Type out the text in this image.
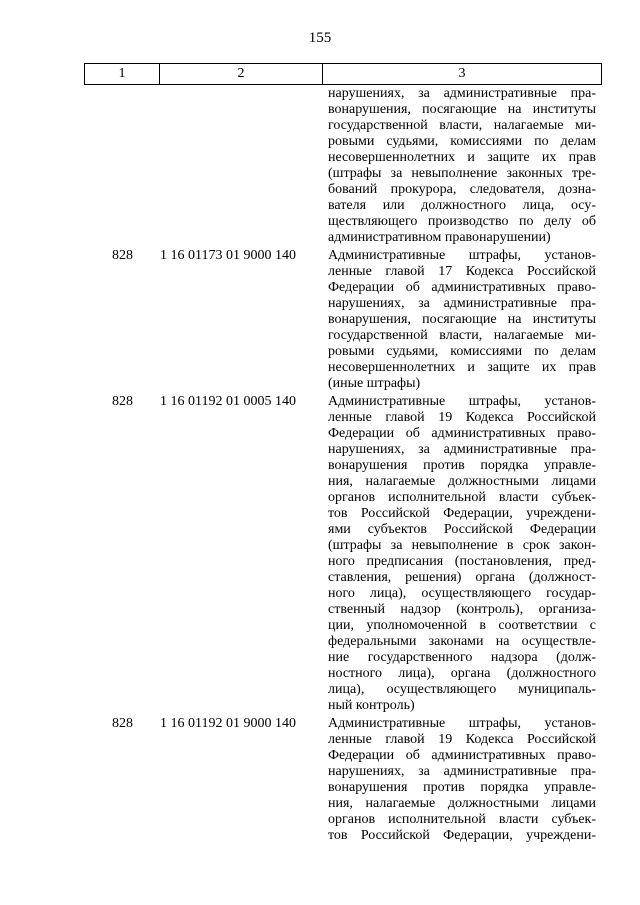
155
1	2	3
нарушениях, за административные пра-
вонарушения, посягающие на институты
государственной власти, налагаемые ми-
ровыми судьями, комиссиями по делам
несовершеннолетних и защите их прав
(штрафы за невыполнение законных тре-
бований прокурора, следователя, дозна-
вателя или должностного лица, осу-
ществляющего производство по делу об
административном правонарушении)
828	1 16 01173 01 9000 140	Административные штрафы, установ-
ленные главой 17 Кодекса Российской
Федерации об административных право-
нарушениях, за административные пра-
вонарушения, посягающие на институты
государственной власти, налагаемые ми-
ровыми судьями, комиссиями по делам
несовершеннолетних и защите их прав
(иные штрафы)
828	1 16 01192 01 0005 140	Административные штрафы, установ-
ленные главой 19 Кодекса Российской
Федерации об административных право-
нарушениях, за административные пра-
вонарушения против порядка управле-
ния, налагаемые должностными лицами
органов исполнительной власти субъек-
тов Российской Федерации, учреждени-
ями субъектов Российской Федерации
(штрафы за невыполнение в срок закон-
ного предписания (постановления, пред-
ставления, решения) органа (должност-
ного лица), осуществляющего государ-
ственный надзор (контроль), организа-
ции, уполномоченной в соответствии с
федеральными законами на осуществле-
ние государственного надзора (долж-
ностного лица), органа (должностного
лица), осуществляющего муниципаль-
ный контроль)
828	1 16 01192 01 9000 140	Административные штрафы, установ-
ленные главой 19 Кодекса Российской
Федерации об административных право-
нарушениях, за административные пра-
вонарушения против порядка управле-
ния, налагаемые должностными лицами
органов исполнительной власти субъек-
тов Российской Федерации, учреждени-
